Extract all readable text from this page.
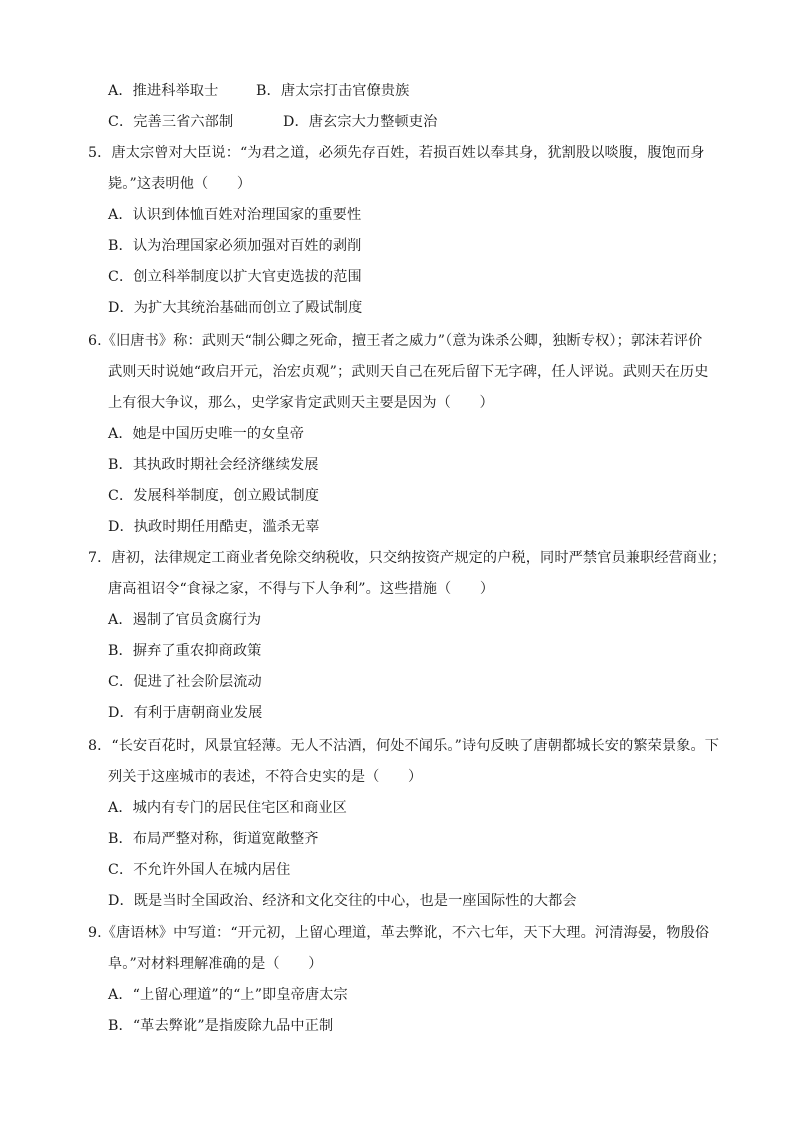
A．推进科举取士	B．唐太宗打击官僚贵族
C．完善三省六部制	D．唐玄宗大力整顿吏治
5．唐太宗曾对大臣说：“为君之道，必须先存百姓，若损百姓以奉其身，犹割股以啖腹，腹饱而身
毙。”这表明他（　　）
A．认识到体恤百姓对治理国家的重要性
B．认为治理国家必须加强对百姓的剥削
C．创立科举制度以扩大官吏选拔的范围
D．为扩大其统治基础而创立了殿试制度
6.《旧唐书》称：武则天“制公卿之死命，擅王者之威力”（意为诛杀公卿，独断专权）；郭沫若评价
武则天时说她“政启开元，治宏贞观”；武则天自己在死后留下无字碑，任人评说。武则天在历史
上有很大争议，那么，史学家肯定武则天主要是因为（　　）
A．她是中国历史唯一的女皇帝
B．其执政时期社会经济继续发展
C．发展科举制度，创立殿试制度
D．执政时期任用酷吏，滥杀无辜
7．唐初，法律规定工商业者免除交纳税收，只交纳按资产规定的户税，同时严禁官员兼职经营商业；
唐高祖诏令“食禄之家，不得与下人争利”。这些措施（　　）
A．遏制了官员贪腐行为
B．摒弃了重农抑商政策
C．促进了社会阶层流动
D．有利于唐朝商业发展
8．“长安百花时，风景宜轻薄。无人不沽酒，何处不闻乐。”诗句反映了唐朝都城长安的繁荣景象。下
列关于这座城市的表述，不符合史实的是（　　）
A．城内有专门的居民住宅区和商业区
B．布局严整对称，街道宽敞整齐
C．不允许外国人在城内居住
D．既是当时全国政治、经济和文化交往的中心，也是一座国际性的大都会
9.《唐语林》中写道：“开元初，上留心理道，革去弊讹，不六七年，天下大理。河清海晏，物殷俗
阜。”对材料理解准确的是（　　）
A．“上留心理道”的“上”即皇帝唐太宗
B．“革去弊讹”是指废除九品中正制
